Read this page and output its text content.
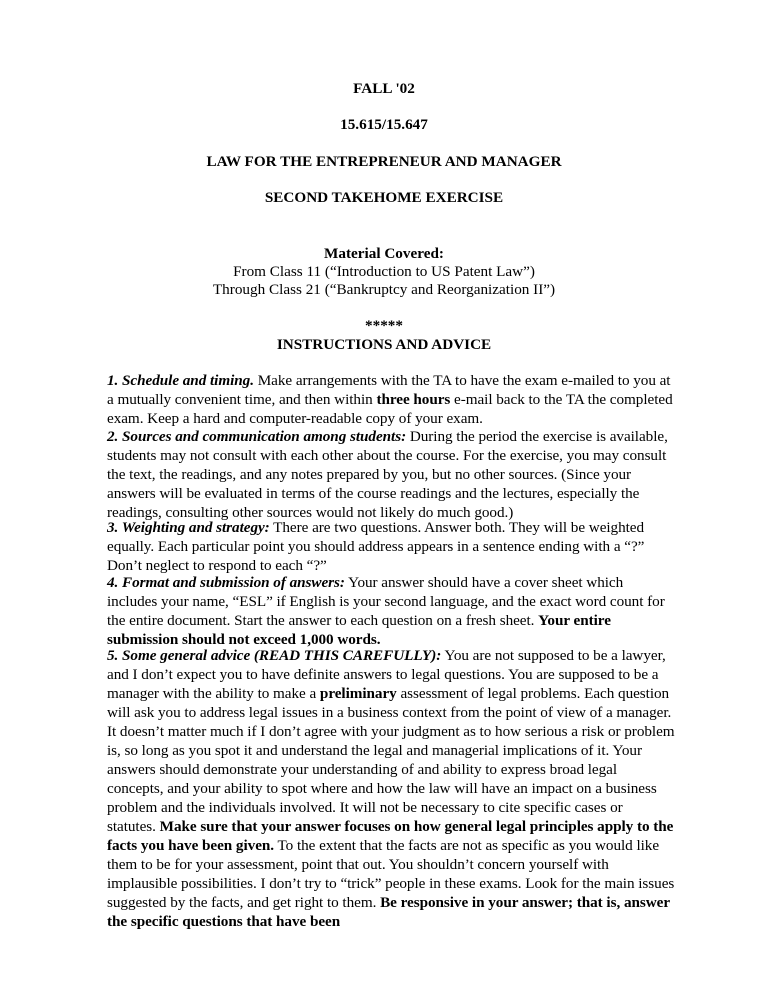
FALL '02
15.615/15.647
LAW FOR THE ENTREPRENEUR AND MANAGER
SECOND TAKEHOME EXERCISE
Material Covered:
From Class 11 (“Introduction to US Patent Law”)
Through Class 21 (“Bankruptcy and Reorganization II”)
*****
INSTRUCTIONS AND ADVICE

1. Schedule and timing. Make arrangements with the TA to have the exam e-mailed to you at a mutually convenient time, and then within three hours e-mail back to the TA the completed exam. Keep a hard and computer-readable copy of your exam.

2. Sources and communication among students: During the period the exercise is available, students may not consult with each other about the course. For the exercise, you may consult the text, the readings, and any notes prepared by you, but no other sources. (Since your answers will be evaluated in terms of the course readings and the lectures, especially the readings, consulting other sources would not likely do much good.)

3. Weighting and strategy: There are two questions. Answer both. They will be weighted equally. Each particular point you should address appears in a sentence ending with a “?” Don’t neglect to respond to each “?”

4. Format and submission of answers: Your answer should have a cover sheet which includes your name, “ESL” if English is your second language, and the exact word count for the entire document. Start the answer to each question on a fresh sheet. Your entire submission should not exceed 1,000 words.

5. Some general advice (READ THIS CAREFULLY): You are not supposed to be a lawyer, and I don’t expect you to have definite answers to legal questions. You are supposed to be a manager with the ability to make a preliminary assessment of legal problems. Each question will ask you to address legal issues in a business context from the point of view of a manager. It doesn’t matter much if I don’t agree with your judgment as to how serious a risk or problem is, so long as you spot it and understand the legal and managerial implications of it. Your answers should demonstrate your understanding of and ability to express broad legal concepts, and your ability to spot where and how the law will have an impact on a business problem and the individuals involved. It will not be necessary to cite specific cases or statutes. Make sure that your answer focuses on how general legal principles apply to the facts you have been given. To the extent that the facts are not as specific as you would like them to be for your assessment, point that out. You shouldn’t concern yourself with implausible possibilities. I don’t try to “trick” people in these exams. Look for the main issues suggested by the facts, and get right to them. Be responsive in your answer; that is, answer the specific questions that have been
